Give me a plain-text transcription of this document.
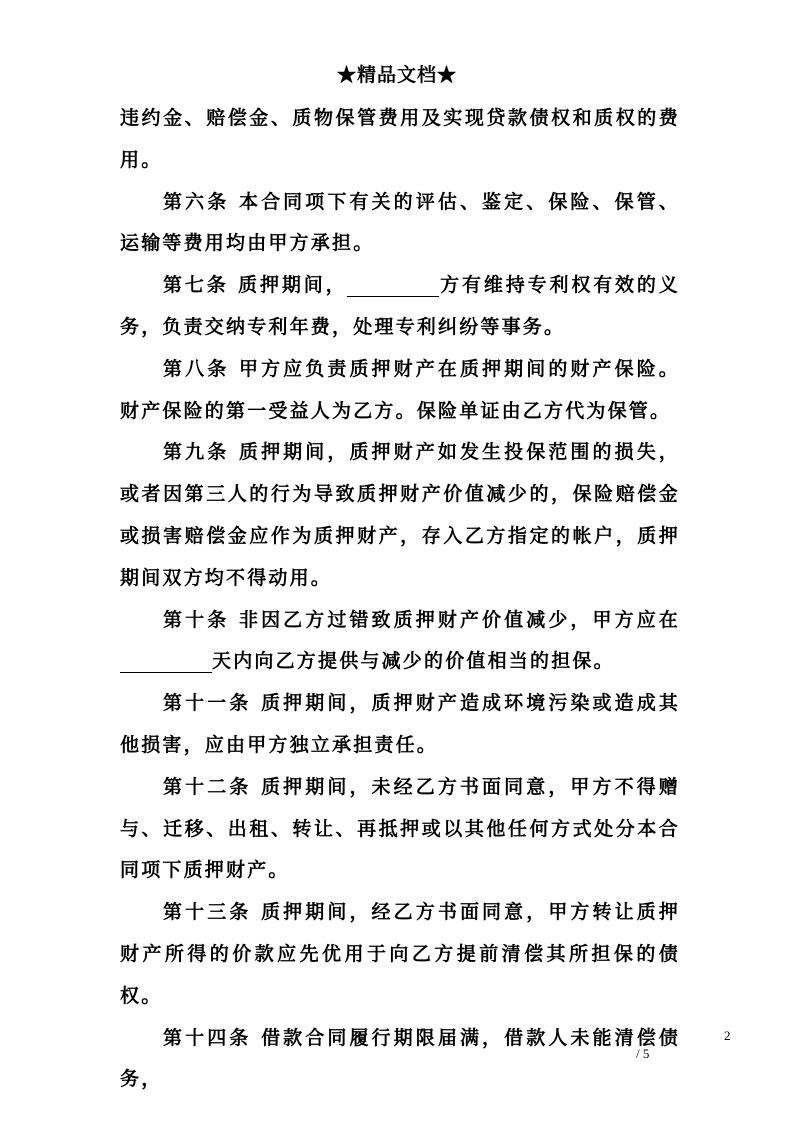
★精品文档★

违约金、赔偿金、质物保管费用及实现贷款债权和质权的费用。

第六条 本合同项下有关的评估、鉴定、保险、保管、运输等费用均由甲方承担。

第七条 质押期间，	方有维持专利权有效的义务，负责交纳专利年费，处理专利纠纷等事务。

第八条 甲方应负责质押财产在质押期间的财产保险。财产保险的第一受益人为乙方。保险单证由乙方代为保管。

第九条 质押期间，质押财产如发生投保范围的损失，或者因第三人的行为导致质押财产价值减少的，保险赔偿金或损害赔偿金应作为质押财产，存入乙方指定的帐户，质押期间双方均不得动用。

第十条 非因乙方过错致质押财产价值减少，甲方应在天内向乙方提供与减少的价值相当的担保。

第十一条 质押期间，质押财产造成环境污染或造成其他损害，应由甲方独立承担责任。

第十二条 质押期间，未经乙方书面同意，甲方不得赠与、迁移、出租、转让、再抵押或以其他任何方式处分本合同项下质押财产。

第十三条 质押期间，经乙方书面同意，甲方转让质押财产所得的价款应先优用于向乙方提前清偿其所担保的债权。

第十四条 借款合同履行期限届满，借款人未能清偿债务，

2
/ 5
